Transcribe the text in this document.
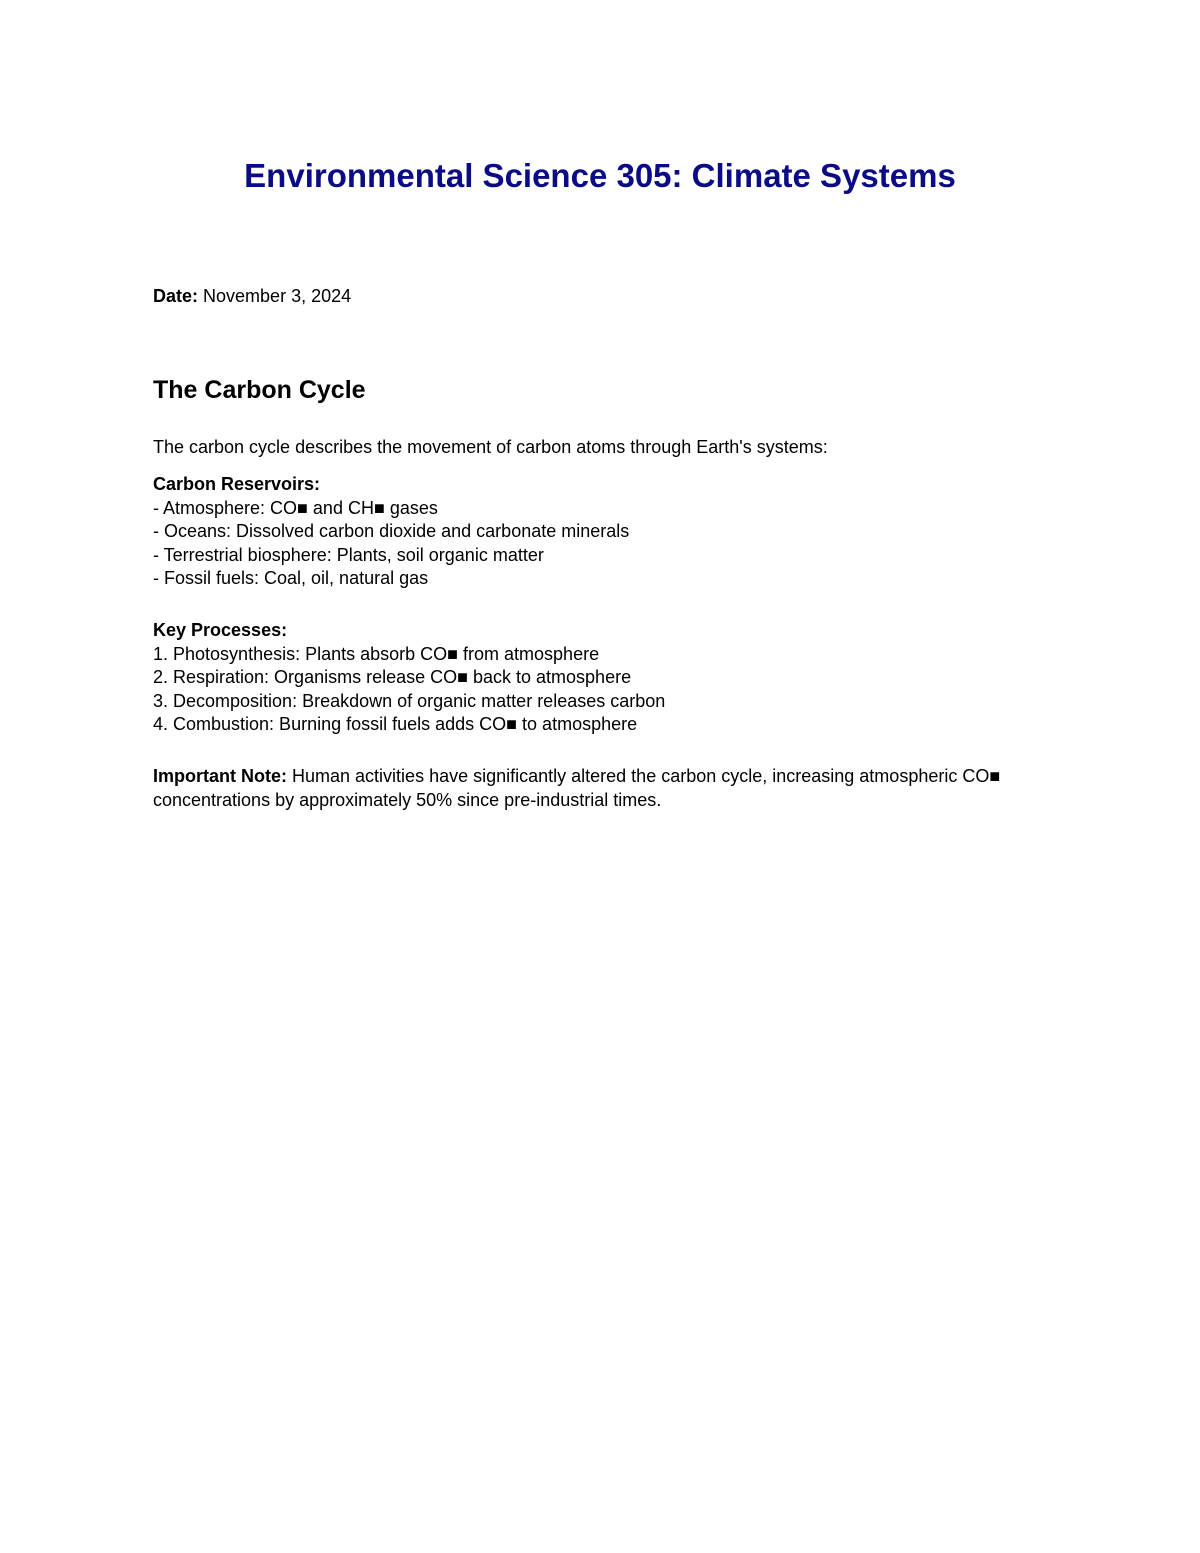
Environmental Science 305: Climate Systems
Date: November 3, 2024
The Carbon Cycle
The carbon cycle describes the movement of carbon atoms through Earth's systems:
Carbon Reservoirs:
- Atmosphere: CO■ and CH■ gases
- Oceans: Dissolved carbon dioxide and carbonate minerals
- Terrestrial biosphere: Plants, soil organic matter
- Fossil fuels: Coal, oil, natural gas
Key Processes:
1. Photosynthesis: Plants absorb CO■ from atmosphere
2. Respiration: Organisms release CO■ back to atmosphere
3. Decomposition: Breakdown of organic matter releases carbon
4. Combustion: Burning fossil fuels adds CO■ to atmosphere
Important Note: Human activities have significantly altered the carbon cycle, increasing atmospheric CO■ concentrations by approximately 50% since pre-industrial times.
